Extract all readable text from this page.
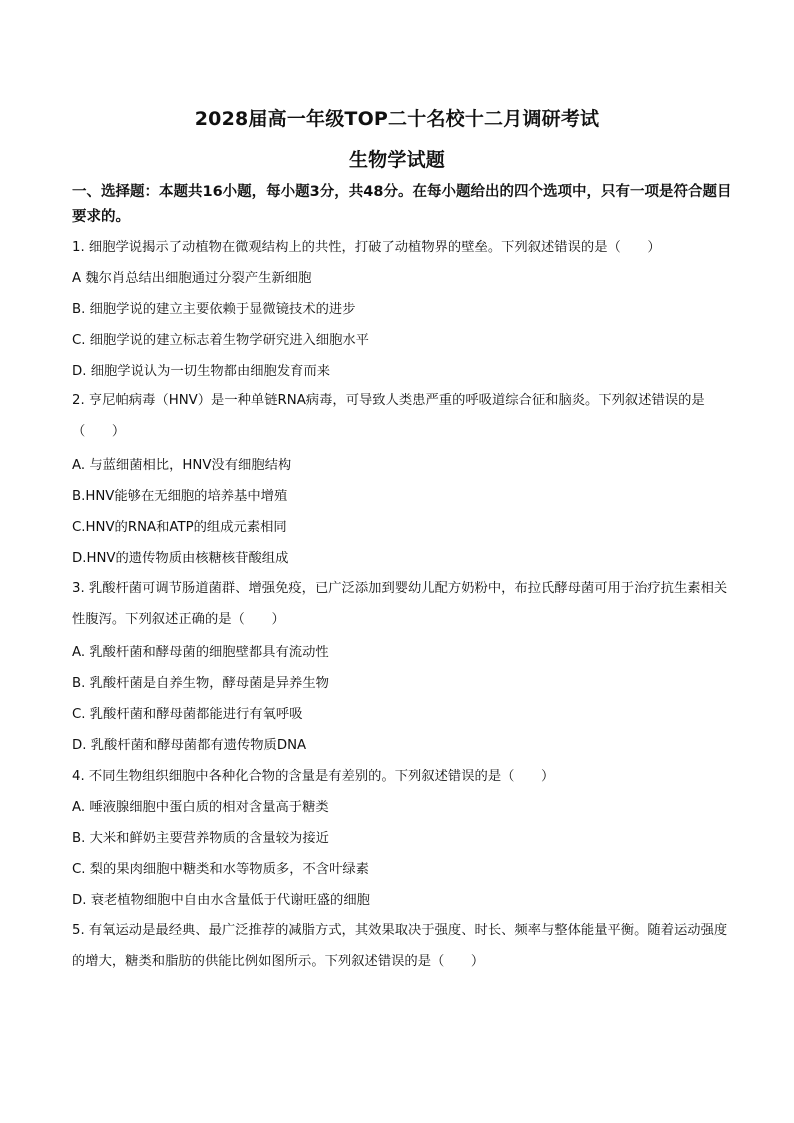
2028届高一年级TOP二十名校十二月调研考试
生物学试题
一、选择题：本题共16小题，每小题3分，共48分。在每小题给出的四个选项中，只有一项是符合题目要求的。
1. 细胞学说揭示了动植物在微观结构上的共性，打破了动植物界的壁垒。下列叙述错误的是（　　）
A 魏尔肖总结出细胞通过分裂产生新细胞
B. 细胞学说的建立主要依赖于显微镜技术的进步
C. 细胞学说的建立标志着生物学研究进入细胞水平
D. 细胞学说认为一切生物都由细胞发育而来
2. 亨尼帕病毒（HNV）是一种单链RNA病毒，可导致人类患严重的呼吸道综合征和脑炎。下列叙述错误的是（　　）
A. 与蓝细菌相比，HNV没有细胞结构
B.HNV能够在无细胞的培养基中增殖
C.HNV的RNA和ATP的组成元素相同
D.HNV的遗传物质由核糖核苷酸组成
3. 乳酸杆菌可调节肠道菌群、增强免疫，已广泛添加到婴幼儿配方奶粉中，布拉氏酵母菌可用于治疗抗生素相关性腹泻。下列叙述正确的是（　　）
A. 乳酸杆菌和酵母菌的细胞壁都具有流动性
B. 乳酸杆菌是自养生物，酵母菌是异养生物
C. 乳酸杆菌和酵母菌都能进行有氧呼吸
D. 乳酸杆菌和酵母菌都有遗传物质DNA
4. 不同生物组织细胞中各种化合物的含量是有差别的。下列叙述错误的是（　　）
A. 唾液腺细胞中蛋白质的相对含量高于糖类
B. 大米和鲜奶主要营养物质的含量较为接近
C. 梨的果肉细胞中糖类和水等物质多，不含叶绿素
D. 衰老植物细胞中自由水含量低于代谢旺盛的细胞
5. 有氧运动是最经典、最广泛推荐的减脂方式，其效果取决于强度、时长、频率与整体能量平衡。随着运动强度的增大，糖类和脂肪的供能比例如图所示。下列叙述错误的是（　　）
